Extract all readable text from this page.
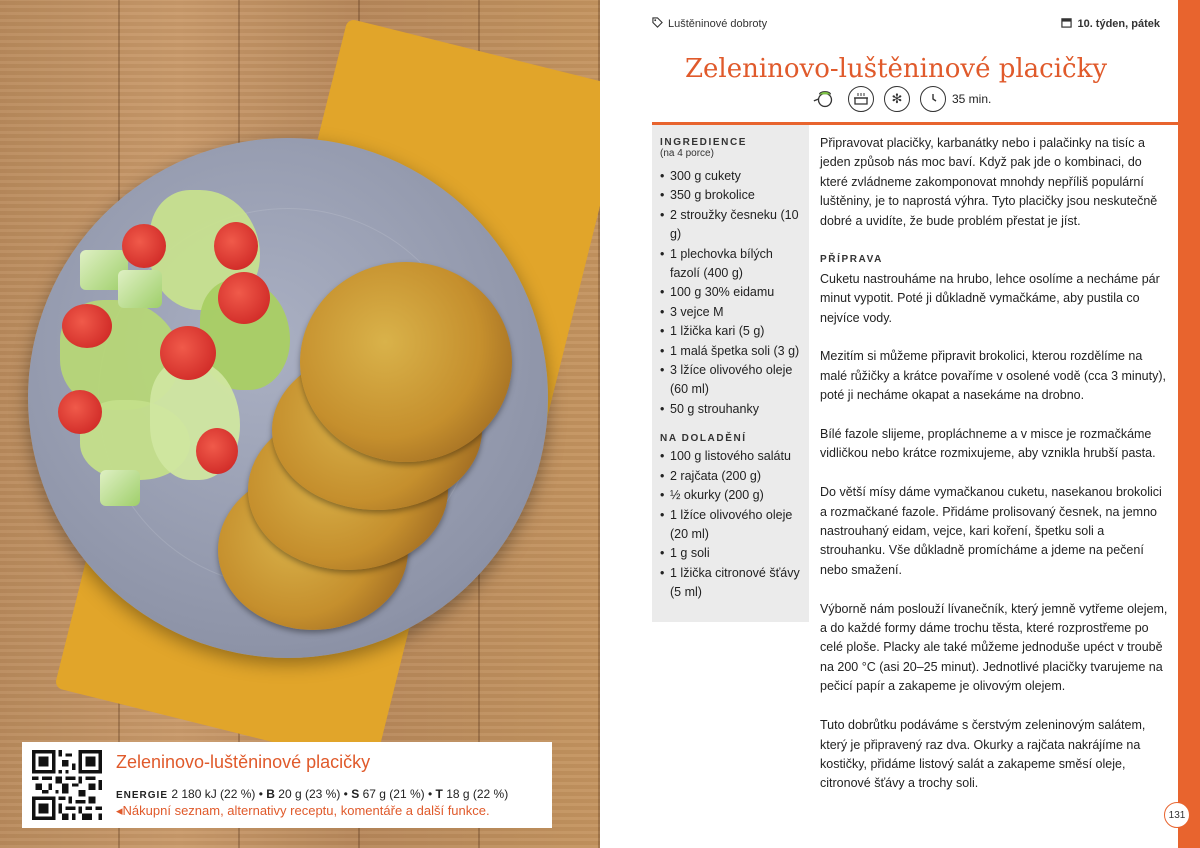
Zeleninovo-luštěninové placičky
ENERGIE 2 180 kJ (22 %) • B 20 g (23 %) • S 67 g (21 %) • T 18 g (22 %)
◂Nákupní seznam, alternativy receptu, komentáře a další funkce.
Luštěninové dobroty	10. týden, pátek
Zeleninovo-luštěninové placičky
✻	35 min.
INGREDIENCE
(na 4 porce)
• 300 g cukety
• 350 g brokolice
• 2 stroužky česneku (10 g)
• 1 plechovka bílých fazolí (400 g)
• 100 g 30% eidamu
• 3 vejce M
• 1 lžička kari (5 g)
• 1 malá špetka soli (3 g)
• 3 lžíce olivového oleje (60 ml)
• 50 g strouhanky
NA DOLADĚNÍ
• 100 g listového salátu
• 2 rajčata (200 g)
• ½ okurky (200 g)
• 1 lžíce olivového oleje (20 ml)
• 1 g soli
• 1 lžička citronové šťávy (5 ml)

Připravovat placičky, karbanátky nebo i palačinky na tisíc a jeden způsob nás moc baví. Když pak jde o kombinaci, do které zvládneme zakomponovat mnohdy nepříliš populární luštěniny, je to naprostá výhra. Tyto placičky jsou neskutečně dobré a uvidíte, že bude problém přestat je jíst.

PŘÍPRAVA

Cuketu nastrouháme na hrubo, lehce osolíme a necháme pár minut vypotit. Poté ji důkladně vymačkáme, aby pustila co nejvíce vody.

Mezitím si můžeme připravit brokolici, kterou rozdělíme na malé růžičky a krátce povaříme v osolené vodě (cca 3 minuty), poté ji necháme okapat a nasekáme na drobno.

Bílé fazole slijeme, propláchneme a v misce je rozmačkáme vidličkou nebo krátce rozmixujeme, aby vznikla hrubší pasta.

Do větší mísy dáme vymačkanou cuketu, nasekanou brokolici a rozmačkané fazole. Přidáme prolisovaný česnek, na jemno nastrouhaný eidam, vejce, kari koření, špetku soli a strouhanku. Vše důkladně promícháme a jdeme na pečení nebo smažení.

Výborně nám poslouží lívanečník, který jemně vytřeme olejem, a do každé formy dáme trochu těsta, které rozprostřeme po celé ploše. Placky ale také můžeme jednoduše upéct v troubě na 200 °C (asi 20–25 minut). Jednotlivé placičky tvarujeme na pečicí papír a zakapeme je olivovým olejem.

Tuto dobrůtku podáváme s čerstvým zeleninovým salátem, který je připravený raz dva. Okurky a rajčata nakrájíme na kostičky, přidáme listový salát a zakapeme směsí oleje, citronové šťávy a trochy soli.

131
